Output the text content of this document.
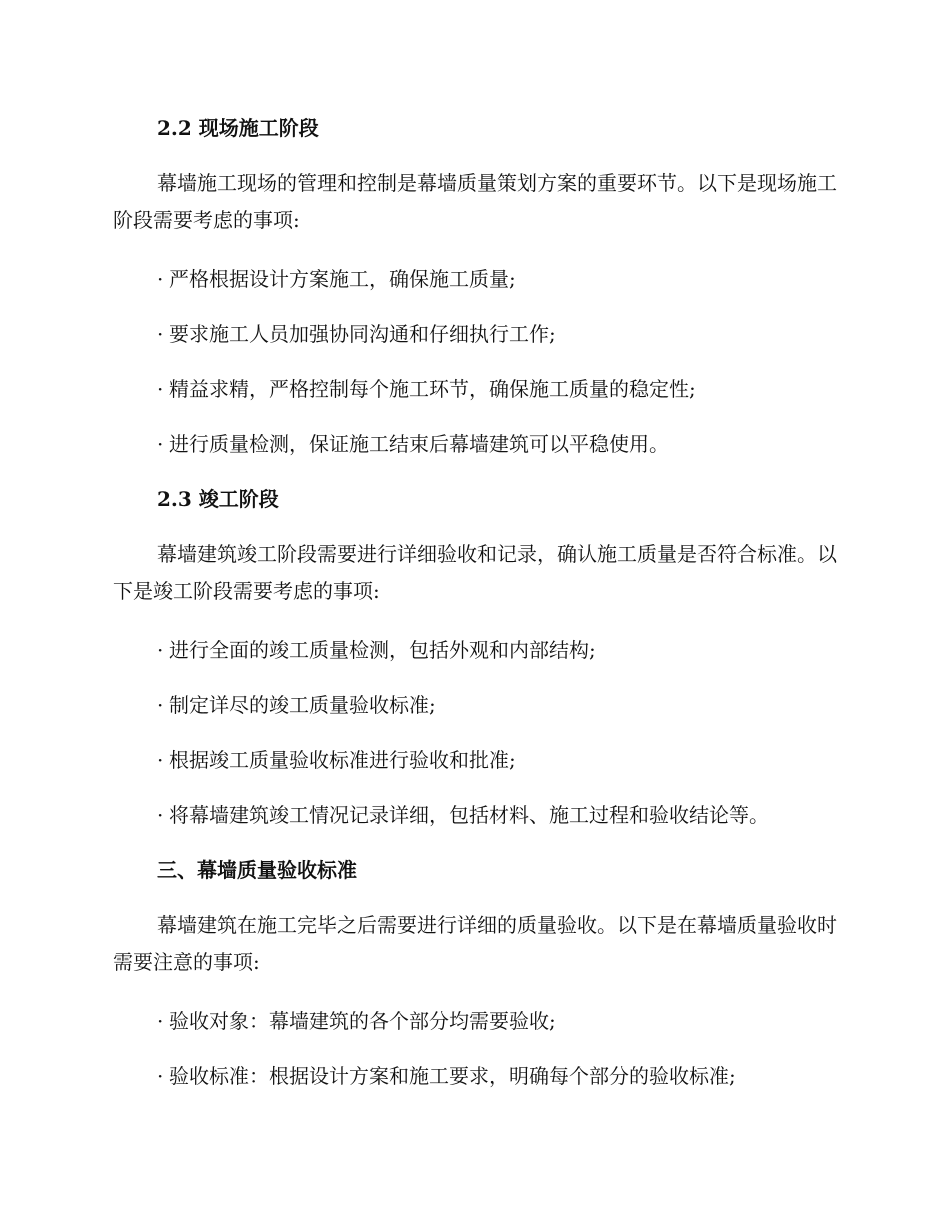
2.2 现场施工阶段
幕墙施工现场的管理和控制是幕墙质量策划方案的重要环节。以下是现场施工阶段需要考虑的事项:
· 严格根据设计方案施工，确保施工质量;
· 要求施工人员加强协同沟通和仔细执行工作;
· 精益求精，严格控制每个施工环节，确保施工质量的稳定性;
· 进行质量检测，保证施工结束后幕墙建筑可以平稳使用。
2.3 竣工阶段
幕墙建筑竣工阶段需要进行详细验收和记录，确认施工质量是否符合标准。以下是竣工阶段需要考虑的事项:
· 进行全面的竣工质量检测，包括外观和内部结构;
· 制定详尽的竣工质量验收标准;
· 根据竣工质量验收标准进行验收和批准;
· 将幕墙建筑竣工情况记录详细，包括材料、施工过程和验收结论等。
三、幕墙质量验收标准
幕墙建筑在施工完毕之后需要进行详细的质量验收。以下是在幕墙质量验收时需要注意的事项:
· 验收对象：幕墙建筑的各个部分均需要验收;
· 验收标准：根据设计方案和施工要求，明确每个部分的验收标准;
